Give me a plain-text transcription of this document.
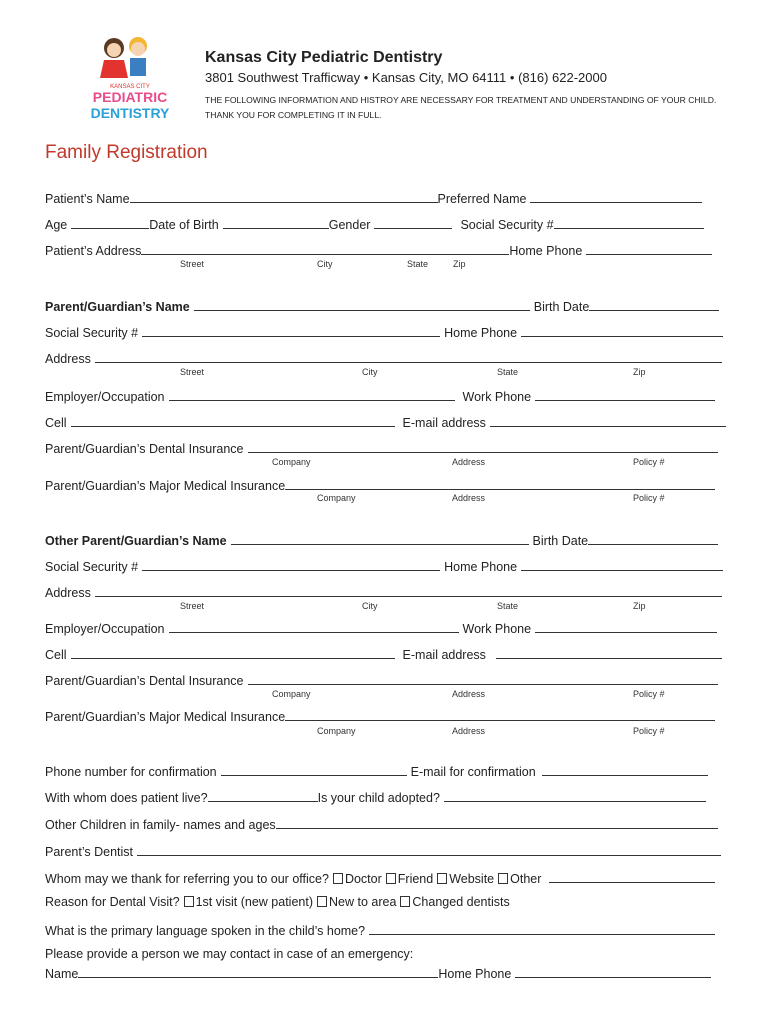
KANSAS CITY
PEDIATRIC
DENTISTRY
Kansas City Pediatric Dentistry
3801 Southwest Trafficway • Kansas City, MO 64111 • (816) 622-2000
THE FOLLOWING INFORMATION AND HISTROY ARE NECESSARY FOR TREATMENT AND UNDERSTANDING OF YOUR CHILD.
THANK YOU FOR COMPLETING IT IN FULL.
Family Registration
Patient’s Name	Preferred Name
Age	Date of Birth	Gender	Social Security #
Patient’s Address	Home Phone
Street	City	State	Zip
Parent/Guardian’s Name	Birth Date
Social Security #	Home Phone
Address
Street	City	State	Zip
Employer/Occupation	Work Phone
Cell	E-mail address
Parent/Guardian’s Dental Insurance
Company	Address	Policy #
Parent/Guardian’s Major Medical Insurance
Company	Address	Policy #
Other Parent/Guardian’s Name	Birth Date
Social Security #	Home Phone
Address
Street	City	State	Zip
Employer/Occupation	Work Phone
Cell	E-mail address
Parent/Guardian’s Dental Insurance
Company	Address	Policy #
Parent/Guardian’s Major Medical Insurance
Company	Address	Policy #
Phone number for confirmation	E-mail for confirmation
With whom does patient live?	Is your child adopted?
Other Children in family- names and ages
Parent’s Dentist
Whom may we thank for referring you to our office? Doctor Friend Website Other
Reason for Dental Visit? 1st visit (new patient) New to area Changed dentists
What is the primary language spoken in the child’s home?
Please provide a person we may contact in case of an emergency:
Name	Home Phone
